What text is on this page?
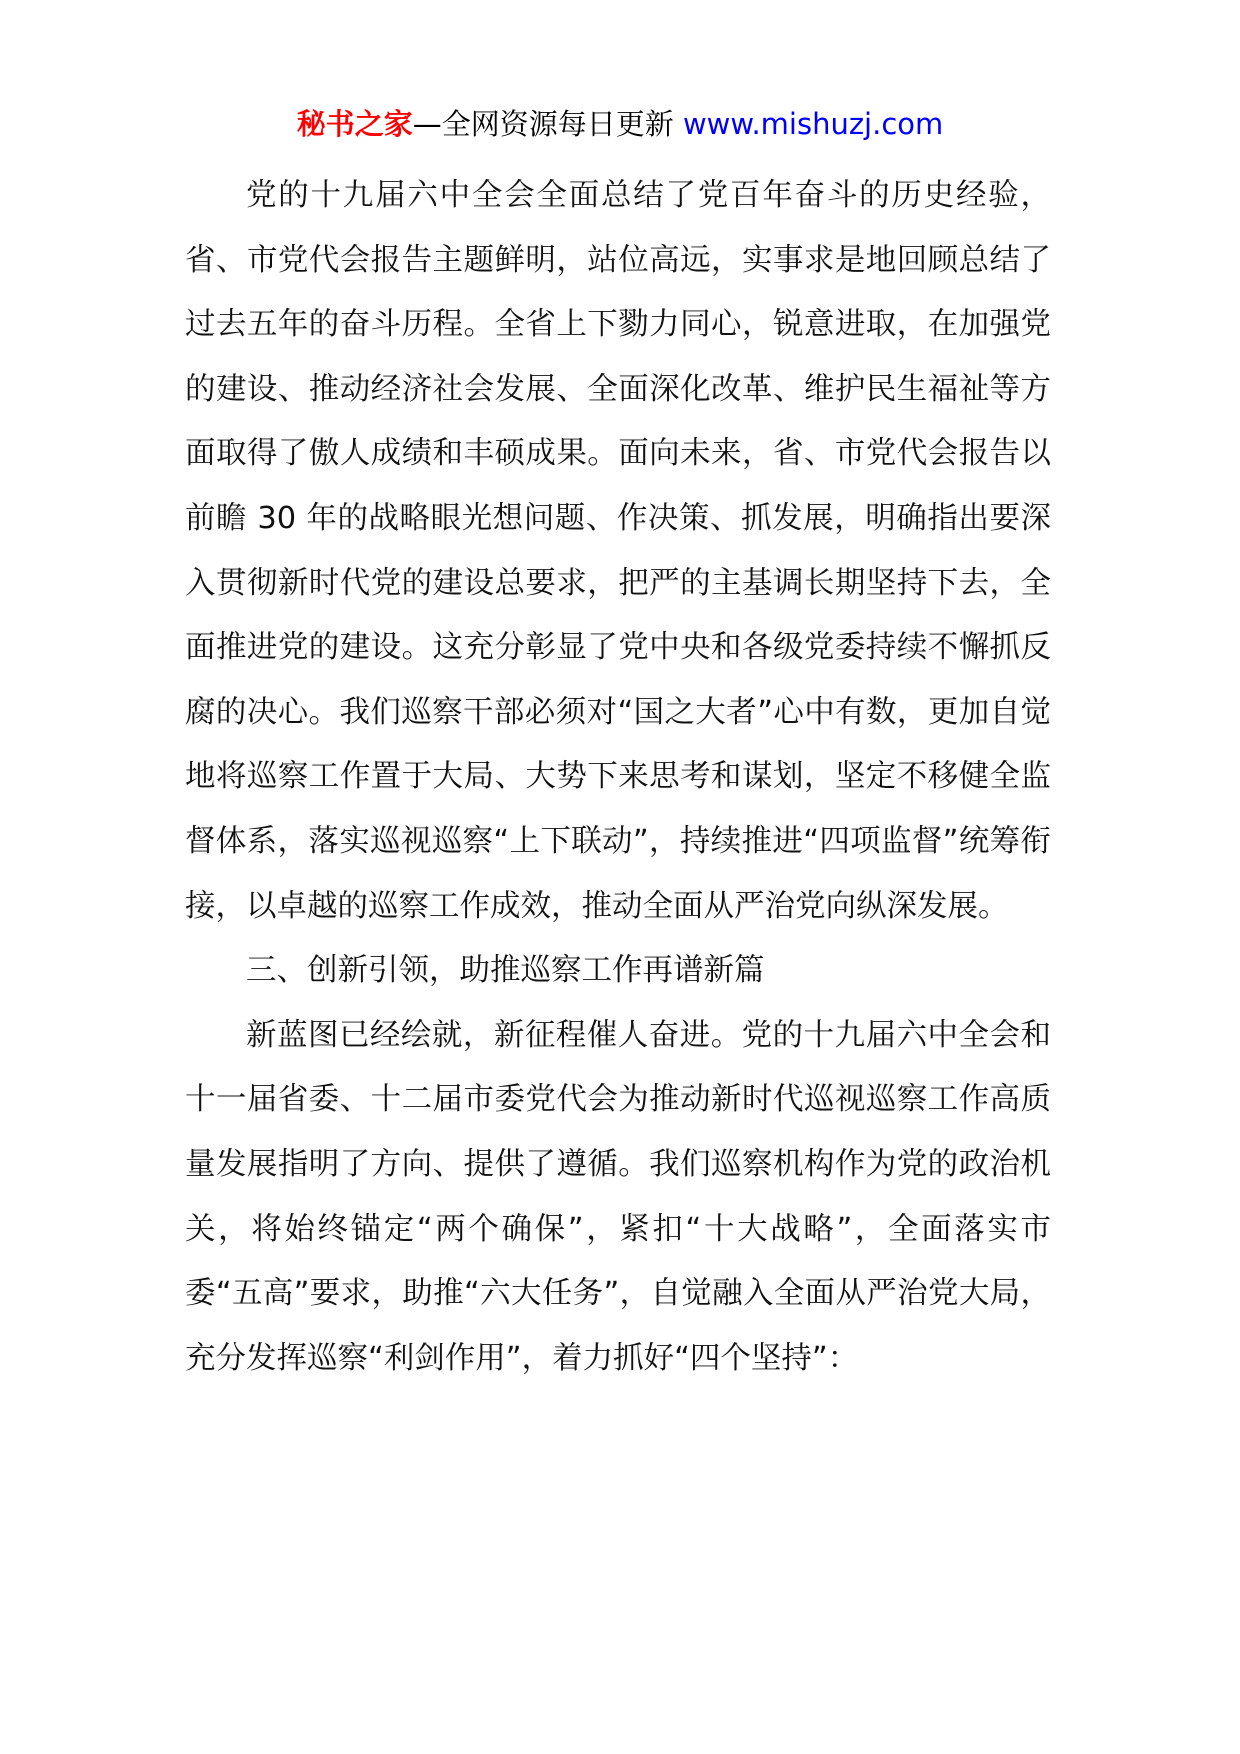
秘书之家—全网资源每日更新 www.mishuzj.com

党的十九届六中全会全面总结了党百年奋斗的历史经验，省、市党代会报告主题鲜明，站位高远，实事求是地回顾总结了过去五年的奋斗历程。全省上下勠力同心，锐意进取，在加强党的建设、推动经济社会发展、全面深化改革、维护民生福祉等方面取得了傲人成绩和丰硕成果。面向未来，省、市党代会报告以前瞻 30 年的战略眼光想问题、作决策、抓发展，明确指出要深入贯彻新时代党的建设总要求，把严的主基调长期坚持下去，全面推进党的建设。这充分彰显了党中央和各级党委持续不懈抓反腐的决心。我们巡察干部必须对“国之大者”心中有数，更加自觉地将巡察工作置于大局、大势下来思考和谋划，坚定不移健全监督体系，落实巡视巡察“上下联动”，持续推进“四项监督”统筹衔接，以卓越的巡察工作成效，推动全面从严治党向纵深发展。

三、创新引领，助推巡察工作再谱新篇

新蓝图已经绘就，新征程催人奋进。党的十九届六中全会和十一届省委、十二届市委党代会为推动新时代巡视巡察工作高质量发展指明了方向、提供了遵循。我们巡察机构作为党的政治机关，将始终锚定“两个确保”，紧扣“十大战略”，全面落实市委“五高”要求，助推“六大任务”，自觉融入全面从严治党大局，充分发挥巡察“利剑作用”，着力抓好“四个坚持”：
